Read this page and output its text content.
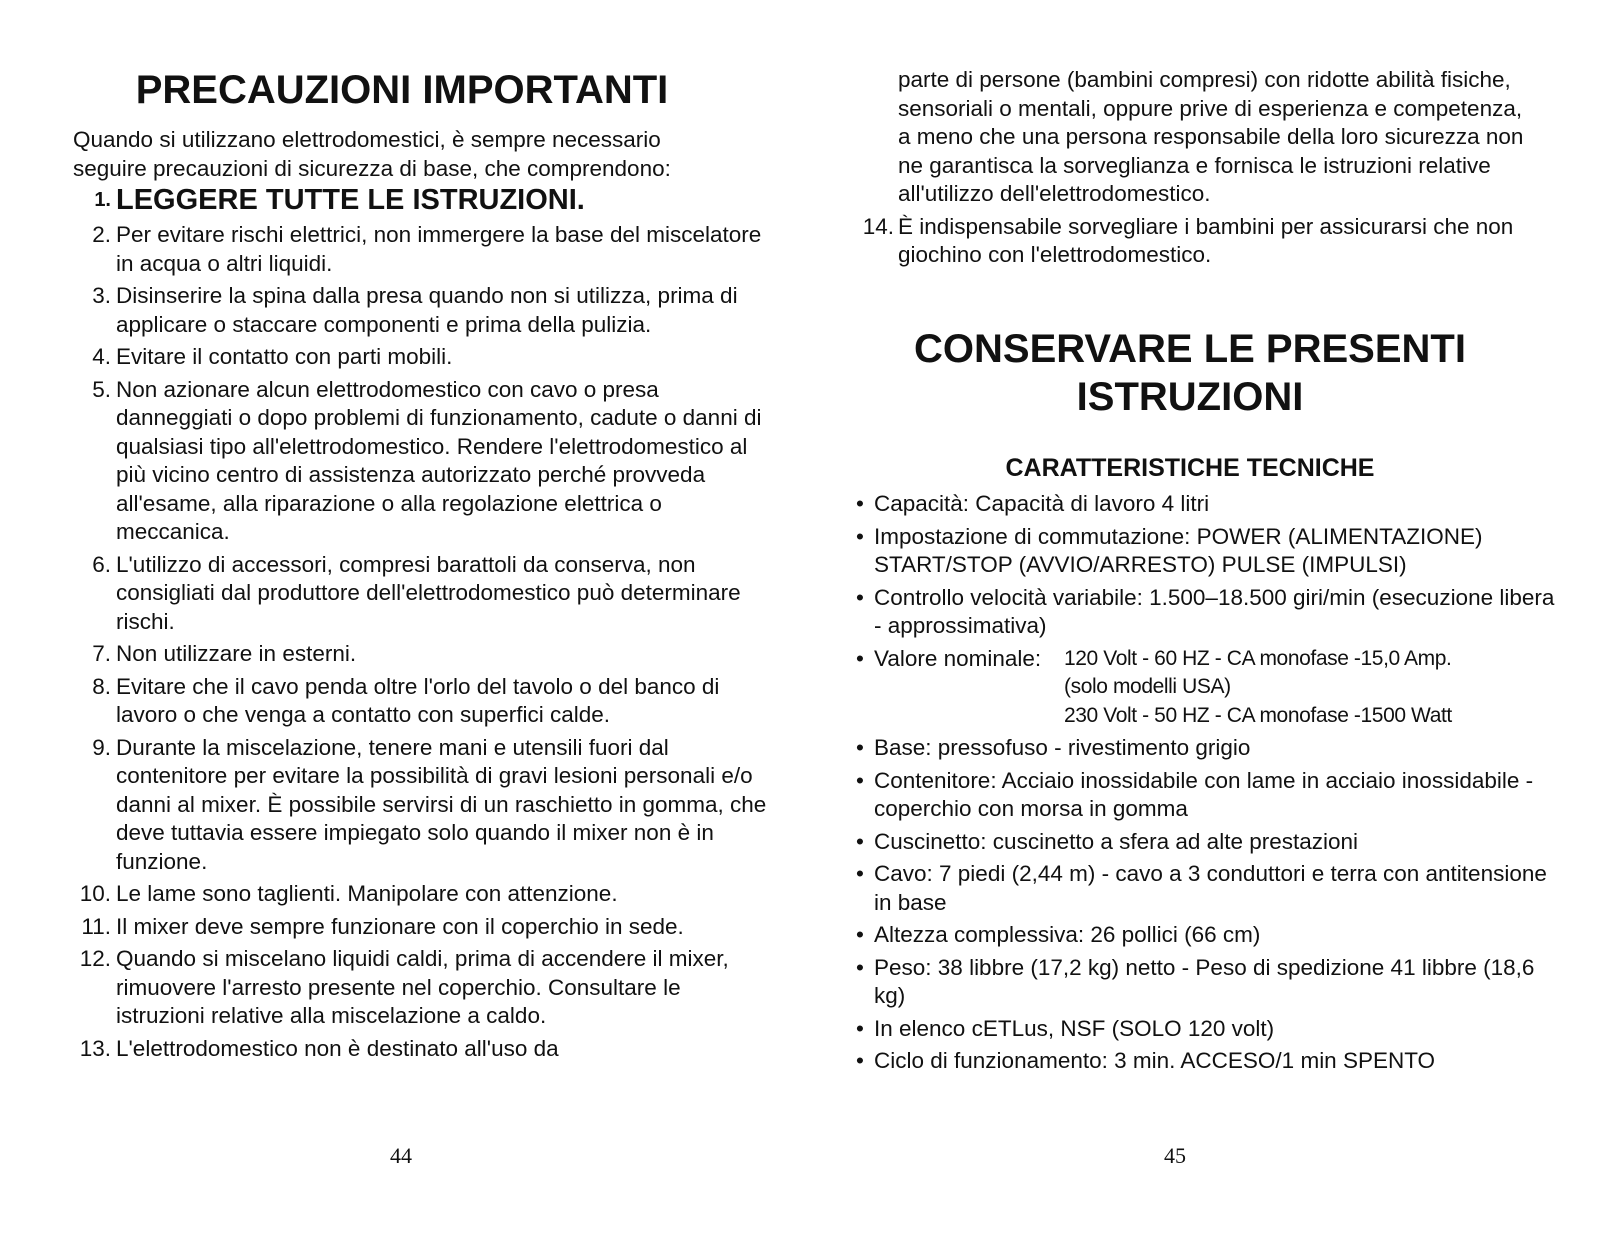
PRECAUZIONI IMPORTANTI
Quando si utilizzano elettrodomestici, è sempre necessario
seguire precauzioni di sicurezza di base, che comprendono:
1. LEGGERE TUTTE LE ISTRUZIONI.
2. Per evitare rischi elettrici, non immergere la base del miscelatore in acqua o altri liquidi.
3. Disinserire la spina dalla presa quando non si utilizza, prima di applicare o staccare componenti e prima della pulizia.
4. Evitare il contatto con parti mobili.
5. Non azionare alcun elettrodomestico con cavo o presa danneggiati o dopo problemi di funzionamento, cadute o danni di qualsiasi tipo all'elettrodomestico. Rendere l'elettrodomestico al più vicino centro di assistenza autorizzato perché provveda all'esame, alla riparazione o alla regolazione elettrica o meccanica.
6. L'utilizzo di accessori, compresi barattoli da conserva, non consigliati dal produttore dell'elettrodomestico può determinare rischi.
7. Non utilizzare in esterni.
8. Evitare che il cavo penda oltre l'orlo del tavolo o del banco di lavoro o che venga a contatto con superfici calde.
9. Durante la miscelazione, tenere mani e utensili fuori dal contenitore per evitare la possibilità di gravi lesioni personali e/o danni al mixer. È possibile servirsi di un raschietto in gomma, che deve tuttavia essere impiegato solo quando il mixer non è in funzione.
10. Le lame sono taglienti. Manipolare con attenzione.
11. Il mixer deve sempre funzionare con il coperchio in sede.
12. Quando si miscelano liquidi caldi, prima di accendere il mixer, rimuovere l'arresto presente nel coperchio. Consultare le istruzioni relative alla miscelazione a caldo.
13. L'elettrodomestico non è destinato all'uso da
44
parte di persone (bambini compresi) con ridotte abilità fisiche, sensoriali o mentali, oppure prive di esperienza e competenza, a meno che una persona responsabile della loro sicurezza non ne garantisca la sorveglianza e fornisca le istruzioni relative all'utilizzo dell'elettrodomestico.
14. È indispensabile sorvegliare i bambini per assicurarsi che non giochino con l'elettrodomestico.
CONSERVARE LE PRESENTI
ISTRUZIONI
CARATTERISTICHE TECNICHE
• Capacità: Capacità di lavoro 4 litri
• Impostazione di commutazione: POWER (ALIMENTAZIONE) START/STOP (AVVIO/ARRESTO) PULSE (IMPULSI)
• Controllo velocità variabile: 1.500–18.500 giri/min (esecuzione libera - approssimativa)
• Valore nominale:	120 Volt - 60 HZ - CA monofase -15,0 Amp.
(solo modelli USA)
230 Volt - 50 HZ - CA monofase -1500 Watt
• Base: pressofuso - rivestimento grigio
• Contenitore: Acciaio inossidabile con lame in acciaio inossidabile - coperchio con morsa in gomma
• Cuscinetto: cuscinetto a sfera ad alte prestazioni
• Cavo: 7 piedi (2,44 m) - cavo a 3 conduttori e terra con antitensione in base
• Altezza complessiva: 26 pollici (66 cm)
• Peso: 38 libbre (17,2 kg) netto - Peso di spedizione 41 libbre (18,6 kg)
• In elenco cETLus, NSF (SOLO 120 volt)
• Ciclo di funzionamento: 3 min. ACCESO/1 min SPENTO
45
